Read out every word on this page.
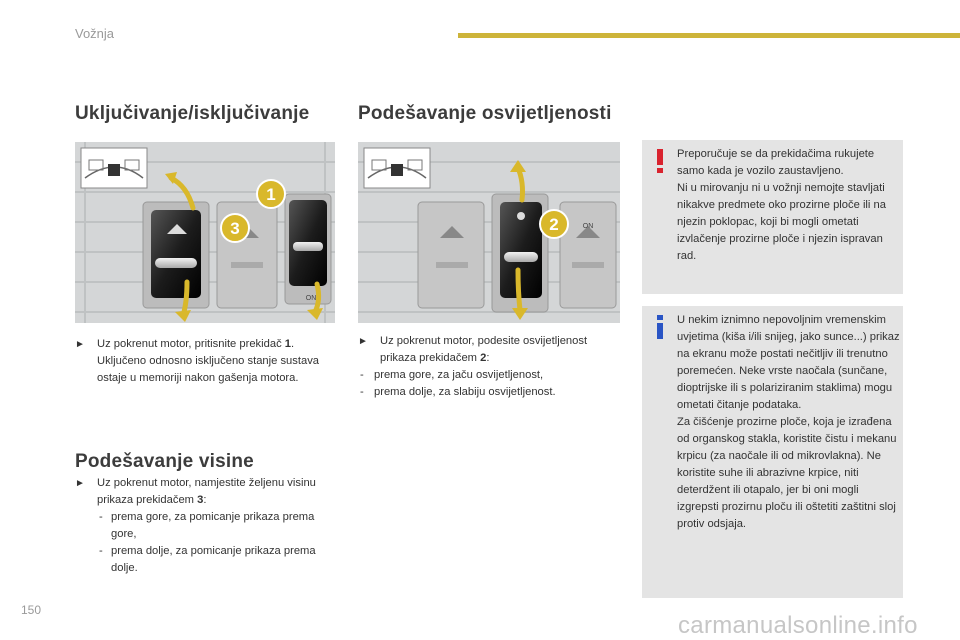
Vožnja
Uključivanje/isključivanje	Podešavanje osvijetljenosti
Podešavanje visine
ON
3
1
ON
2
► Uz pokrenut motor, pritisnite prekidač 1.
Uključeno odnosno isključeno stanje sustava ostaje u memoriji nakon gašenja motora.

► Uz pokrenut motor, podesite osvijetljenost prikaza prekidačem 2:

- prema gore, za jaču osvijetljenost,
- prema dolje, za slabiju osvijetljenost.
► Uz pokrenut motor, namjestite željenu visinu prikaza prekidačem 3:

- prema gore, za pomicanje prikaza prema gore,
- prema dolje, za pomicanje prikaza prema dolje.

Preporučuje se da prekidačima rukujete samo kada je vozilo zaustavljeno.

Ni u mirovanju ni u vožnji nemojte stavljati nikakve predmete oko prozirne ploče ili na njezin poklopac, koji bi mogli ometati izvlačenje prozirne ploče i njezin ispravan rad.

U nekim iznimno nepovoljnim vremenskim uvjetima (kiša i/ili snijeg, jako sunce...) prikaz na ekranu može postati nečitljiv ili trenutno poremećen. Neke vrste naočala (sunčane, dioptrijske ili s polariziranim staklima) mogu ometati čitanje podataka.

Za čišćenje prozirne ploče, koja je izrađena od organskog stakla, koristite čistu i mekanu krpicu (za naočale ili od mikrovlakna). Ne koristite suhe ili abrazivne krpice, niti deterdžent ili otapalo, jer bi oni mogli izgrepsti prozirnu ploču ili oštetiti zaštitni sloj protiv odsjaja.

150
carmanualsonline.info
